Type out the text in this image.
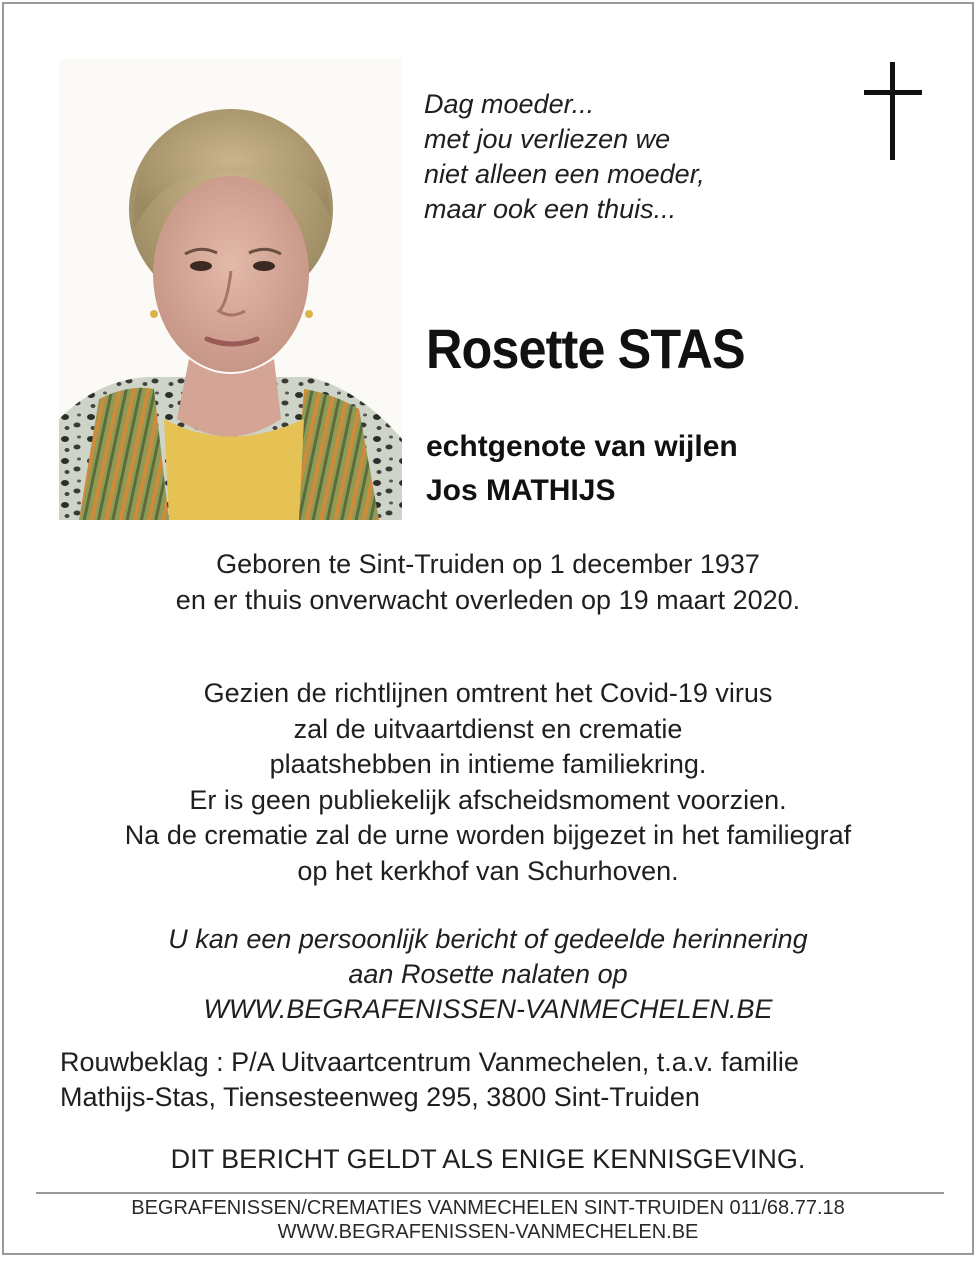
Dag moeder...
met jou verliezen we
niet alleen een moeder,
maar ook een thuis...
Rosette STAS
echtgenote van wijlen
Jos MATHIJS
Geboren te Sint-Truiden op 1 december 1937
en er thuis onverwacht overleden op 19 maart 2020.
Gezien de richtlijnen omtrent het Covid-19 virus
zal de uitvaartdienst en crematie
plaatshebben in intieme familiekring.
Er is geen publiekelijk afscheidsmoment voorzien.
Na de crematie zal de urne worden bijgezet in het familiegraf
op het kerkhof van Schurhoven.
U kan een persoonlijk bericht of gedeelde herinnering
aan Rosette nalaten op
WWW.BEGRAFENISSEN-VANMECHELEN.BE
Rouwbeklag : P/A Uitvaartcentrum Vanmechelen, t.a.v. familie
Mathijs-Stas, Tiensesteenweg 295, 3800 Sint-Truiden
DIT BERICHT GELDT ALS ENIGE KENNISGEVING.
BEGRAFENISSEN/CREMATIES VANMECHELEN SINT-TRUIDEN 011/68.77.18
WWW.BEGRAFENISSEN-VANMECHELEN.BE
